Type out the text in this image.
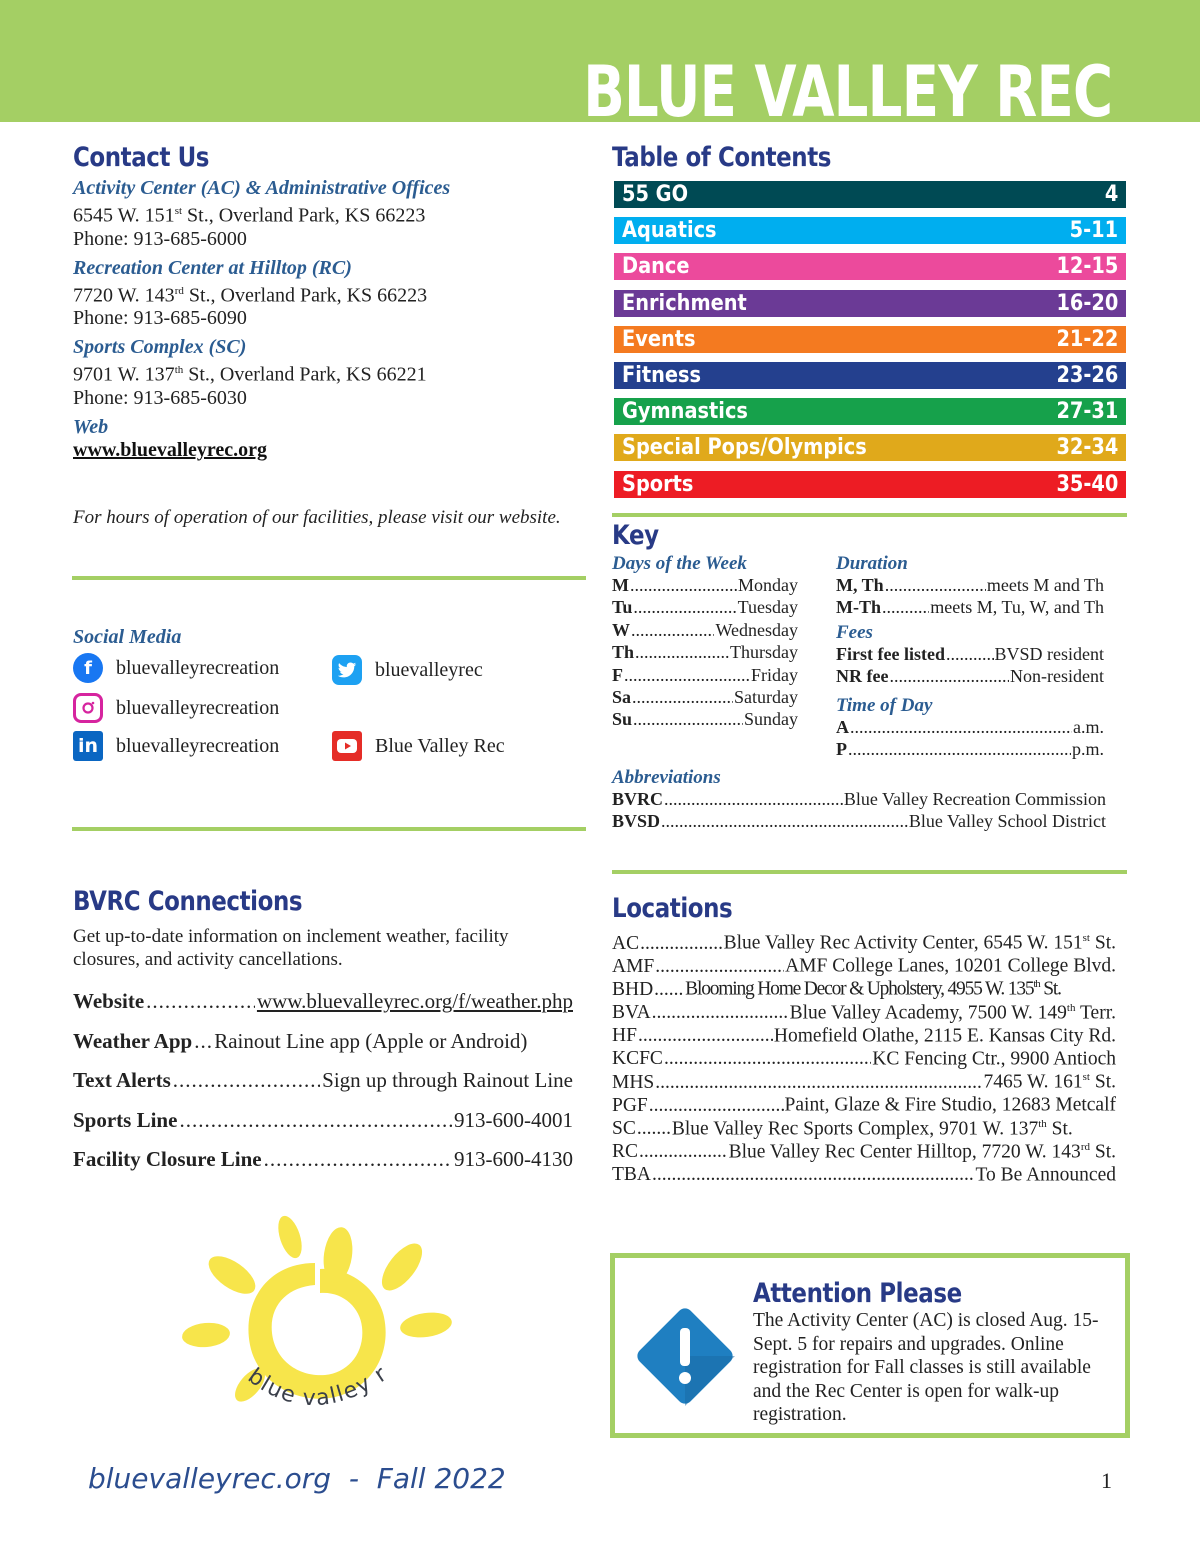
BLUE VALLEY REC
Contact Us
Activity Center (AC) & Administrative Offices
6545 W. 151st St., Overland Park, KS 66223
Phone: 913-685-6000
Recreation Center at Hilltop (RC)
7720 W. 143rd St., Overland Park, KS 66223
Phone: 913-685-6090
Sports Complex (SC)
9701 W. 137th St., Overland Park, KS 66221
Phone: 913-685-6030
Web
www.bluevalleyrec.org
For hours of operation of our facilities, please visit our website.
Social Media
f	bluevalleyrecreation	bluevalleyrec
bluevalleyrecreation
in bluevalleyrecreation	Blue Valley Rec
BVRC Connections
Get up-to-date information on inclement weather, facility closures, and activity cancellations.
Website .....	www.bluevalleyrec.org/f/weather.php
Weather App ..... Rainout Line app (Apple or Android)
Text Alerts .....	Sign up through Rainout Line
Sports Line .....	913-600-4001
Facility Closure Line .....	913-600-4130
blue valley r
bluevalleyrec.org  -  Fall 2022	1
Table of Contents
55 GO	4
Aquatics	5-11
Dance	12-15
Enrichment	16-20
Events	21-22
Fitness	23-26
Gymnastics	27-31
Special Pops/Olympics	32-34
Sports	35-40
Key
Days of the Week
M .....	Monday
Tu .....	Tuesday
W .....	Wednesday
Th .....	Thursday
F .....	Friday
Sa .....	Saturday
Su .....	Sunday
Duration
M, Th .....	meets M and Th
M-Th .....	meets M, Tu, W, and Th
Fees
First fee listed .....	BVSD resident
NR fee .....	Non-resident
Time of Day
A .....	a.m.
P .....	p.m.
Abbreviations
BVRC .....	Blue Valley Recreation Commission
BVSD .....	Blue Valley School District
Locations
AC .....	Blue Valley Rec Activity Center, 6545 W. 151st St.
AMF .....	AMF College Lanes, 10201 College Blvd.
BHD ..... Blooming Home Decor & Upholstery, 4955 W. 135th St.
BVA .....	Blue Valley Academy, 7500 W. 149th Terr.
HF .....	Homefield Olathe, 2115 E. Kansas City Rd.
KCFC .....	KC Fencing Ctr., 9900 Antioch
MHS .....	7465 W. 161st St.
PGF .....	Paint, Glaze & Fire Studio, 12683 Metcalf
SC ..... Blue Valley Rec Sports Complex, 9701 W. 137th St.
RC .....	Blue Valley Rec Center Hilltop, 7720 W. 143rd St.
TBA .....	To Be Announced
Attention Please
The Activity Center (AC) is closed Aug. 15-Sept. 5 for repairs and upgrades. Online registration for Fall classes is still available and the Rec Center is open for walk-up registration.
